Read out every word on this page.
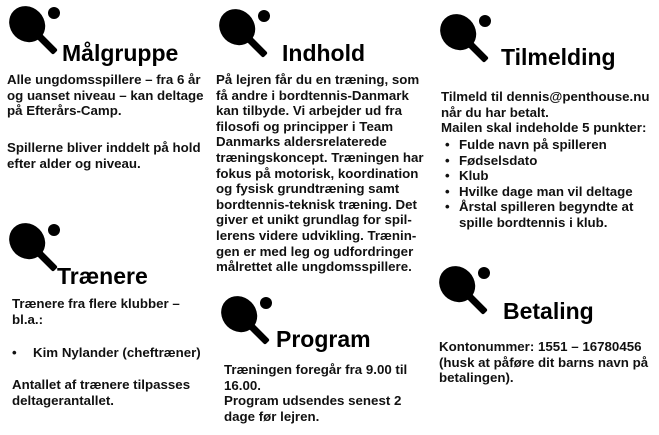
Målgruppe

Alle ungdomsspillere – fra 6 år
og uanset niveau – kan deltage
på Efterårs-Camp.

Spillerne bliver inddelt på hold
efter alder og niveau.

Indhold

På lejren får du en træning, som
få andre i bordtennis-Danmark
kan tilbyde. Vi arbejder ud fra
filosofi og principper i Team
Danmarks aldersrelaterede
træningskoncept. Træningen har
fokus på motorisk, koordination
og fysisk grundtræning samt
bordtennis-teknisk træning. Det
giver et unikt grundlag for spil-
lerens videre udvikling. Trænin-
gen er med leg og udfordringer
målrettet alle ungdomsspillere.

Tilmelding

Tilmeld til dennis@penthouse.nu
når du har betalt.
Mailen skal indeholde 5 punkter:

• Fulde navn på spilleren
• Fødselsdato
• Klub
• Hvilke dage man vil deltage
• Årstal spilleren begyndte at
spille bordtennis i klub.
Trænere

Trænere fra flere klubber –
bl.a.:

• Kim Nylander (cheftræner)

Antallet af trænere tilpasses
deltagerantallet.

Program

Træningen foregår fra 9.00 til
16.00.
Program udsendes senest 2
dage før lejren.

Betaling

Kontonummer: 1551 – 16780456
(husk at påføre dit barns navn på
betalingen).
